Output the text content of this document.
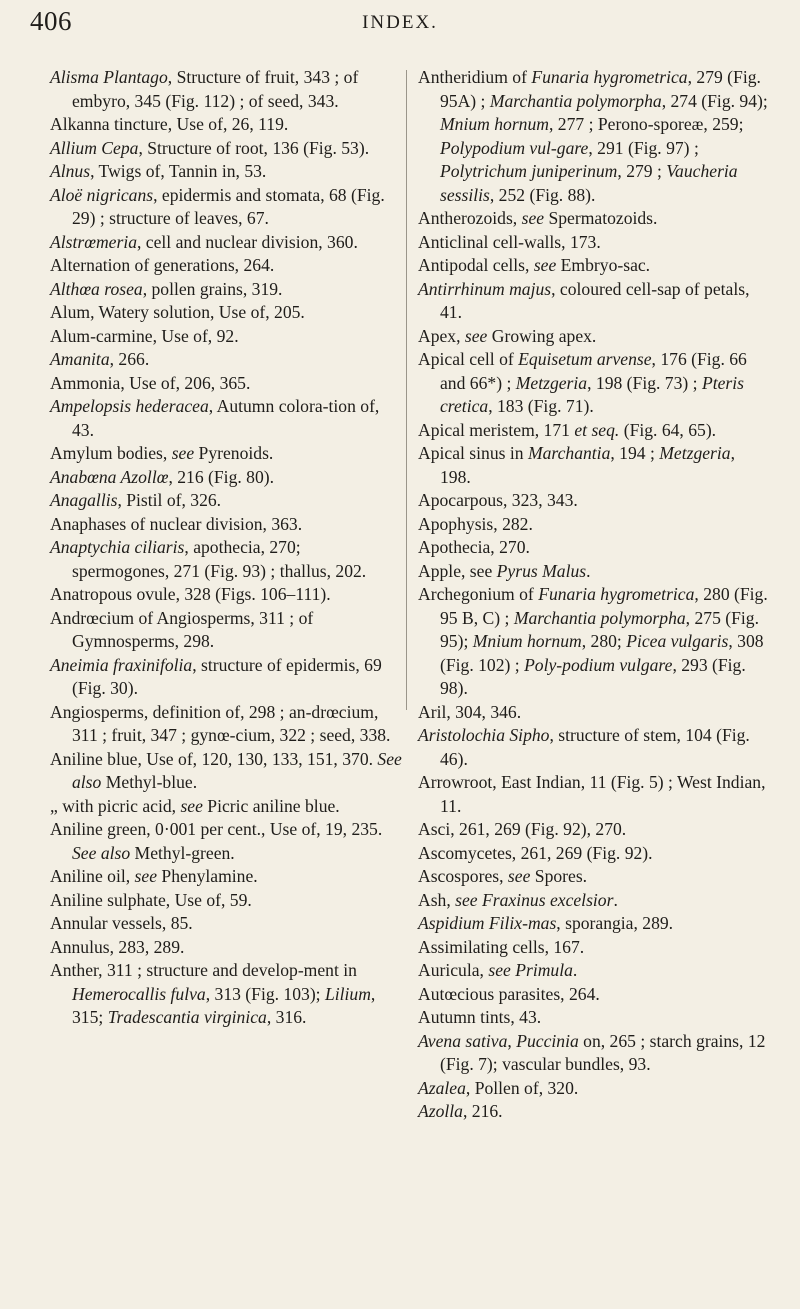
406	INDEX.

Alisma Plantago, Structure of fruit, 343 ; of embyro, 345 (Fig. 112) ; of seed, 343.

Alkanna tincture, Use of, 26, 119.

Allium Cepa, Structure of root, 136 (Fig. 53).

Alnus, Twigs of, Tannin in, 53.

Aloë nigricans, epidermis and stomata, 68 (Fig. 29) ; structure of leaves, 67.

Alstrœmeria, cell and nuclear division, 360.

Alternation of generations, 264.

Althœa rosea, pollen grains, 319.

Alum, Watery solution, Use of, 205.

Alum-carmine, Use of, 92.

Amanita, 266.

Ammonia, Use of, 206, 365.

Ampelopsis hederacea, Autumn colora-tion of, 43.

Amylum bodies, see Pyrenoids.

Anabœna Azollœ, 216 (Fig. 80).

Anagallis, Pistil of, 326.

Anaphases of nuclear division, 363.

Anaptychia ciliaris, apothecia, 270; spermogones, 271 (Fig. 93) ; thallus, 202.

Anatropous ovule, 328 (Figs. 106–111).

Andrœcium of Angiosperms, 311 ; of Gymnosperms, 298.

Aneimia fraxinifolia, structure of epidermis, 69 (Fig. 30).

Angiosperms, definition of, 298 ; an-drœcium, 311 ; fruit, 347 ; gynœ-cium, 322 ; seed, 338.

Aniline blue, Use of, 120, 130, 133, 151, 370. See also Methyl-blue.

„ with picric acid, see Picric aniline blue.

Aniline green, 0·001 per cent., Use of, 19, 235. See also Methyl-green.

Aniline oil, see Phenylamine.

Aniline sulphate, Use of, 59.

Annular vessels, 85.

Annulus, 283, 289.

Anther, 311 ; structure and develop-ment in Hemerocallis fulva, 313 (Fig. 103); Lilium, 315; Tradescantia virginica, 316.

Antheridium of Funaria hygrometrica, 279 (Fig. 95A) ; Marchantia polymorpha, 274 (Fig. 94); Mnium hornum, 277 ; Perono-sporeæ, 259; Polypodium vul-gare, 291 (Fig. 97) ; Polytrichum juniperinum, 279 ; Vaucheria sessilis, 252 (Fig. 88).

Antherozoids, see Spermatozoids.

Anticlinal cell-walls, 173.

Antipodal cells, see Embryo-sac.

Antirrhinum majus, coloured cell-sap of petals, 41.

Apex, see Growing apex.

Apical cell of Equisetum arvense, 176 (Fig. 66 and 66*) ; Metzgeria, 198 (Fig. 73) ; Pteris cretica, 183 (Fig. 71).

Apical meristem, 171 et seq. (Fig. 64, 65).

Apical sinus in Marchantia, 194 ; Metzgeria, 198.

Apocarpous, 323, 343.

Apophysis, 282.

Apothecia, 270.

Apple, see Pyrus Malus.

Archegonium of Funaria hygrometrica, 280 (Fig. 95 B, C) ; Marchantia polymorpha, 275 (Fig. 95); Mnium hornum, 280; Picea vulgaris, 308 (Fig. 102) ; Poly-podium vulgare, 293 (Fig. 98).

Aril, 304, 346.

Aristolochia Sipho, structure of stem, 104 (Fig. 46).

Arrowroot, East Indian, 11 (Fig. 5) ; West Indian, 11.

Asci, 261, 269 (Fig. 92), 270.

Ascomycetes, 261, 269 (Fig. 92).

Ascospores, see Spores.

Ash, see Fraxinus excelsior.

Aspidium Filix-mas, sporangia, 289.

Assimilating cells, 167.

Auricula, see Primula.

Autœcious parasites, 264.

Autumn tints, 43.

Avena sativa, Puccinia on, 265 ; starch grains, 12 (Fig. 7); vascular bundles, 93.

Azalea, Pollen of, 320.

Azolla, 216.
